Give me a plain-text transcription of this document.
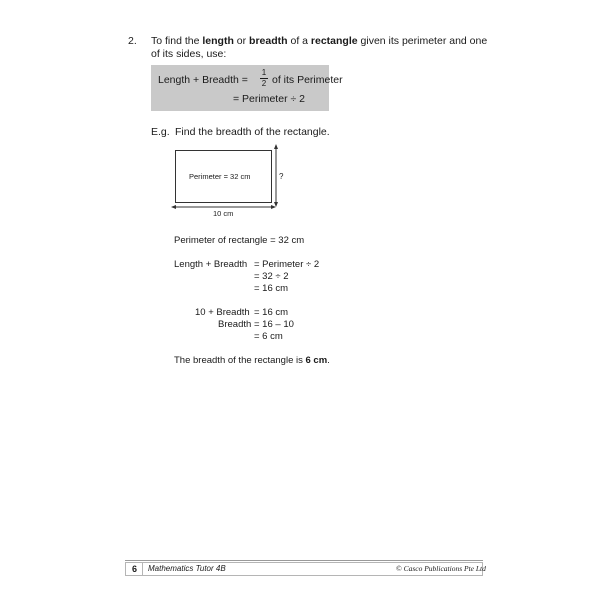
2. To find the length or breadth of a rectangle given its perimeter and one
of its sides, use:
Length + Breadth =
1
2 of its Perimeter
= Perimeter ÷ 2
E.g. Find the breadth of the rectangle.
Perimeter = 32 cm	?
10 cm
Perimeter of rectangle = 32 cm
Length + Breadth = Perimeter ÷ 2
= 32 ÷ 2
= 16 cm
10 + Breadth = 16 cm
Breadth = 16 – 10
= 6 cm
The breadth of the rectangle is 6 cm.
6	Mathematics Tutor 4B	© Casco Publications Pte Ltd
